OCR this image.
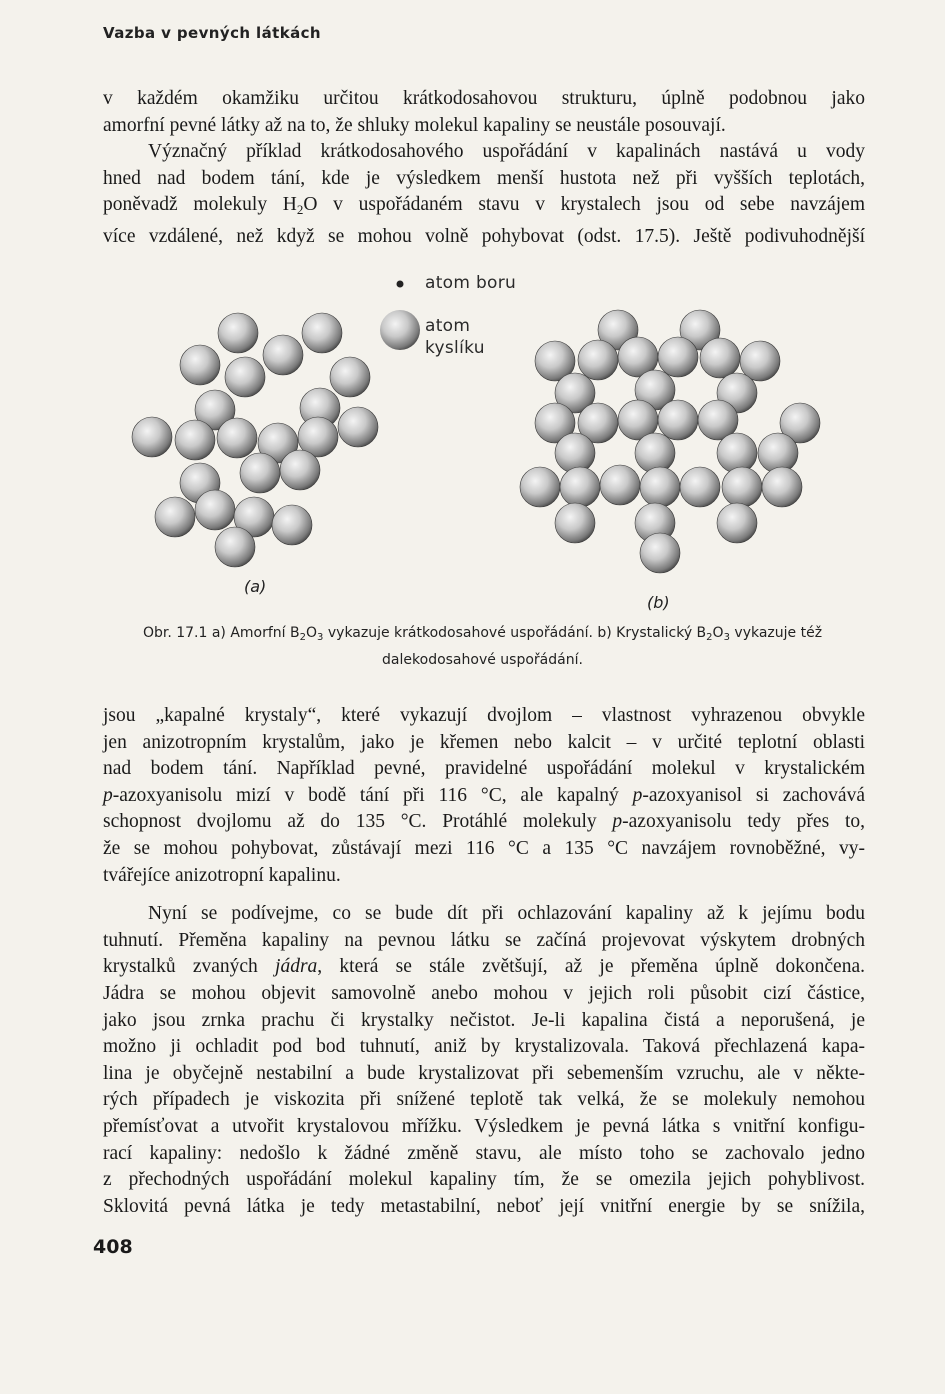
Vazba v pevných látkách

v každém okamžiku určitou krátkodosahovou strukturu, úplně podobnou jako
amorfní pevné látky až na to, že shluky molekul kapaliny se neustále posouvají.

Význačný příklad krátkodosahového uspořádání v kapalinách nastává u vody
hned nad bodem tání, kde je výsledkem menší hustota než při vyšších teplotách,
poněvadž molekuly $H_2O$ v uspořádaném stavu v krystalech jsou od sebe navzájem
více vzdálené, než když se mohou volně pohybovat (odst. 17.5). Ještě podivuhodnější

atom boru
atom
kyslíku
(a)
(b)
Obr. 17.1 a) Amorfní $B_2O_3$ vykazuje krátkodosahové uspořádání. b) Krystalický $B_2O_3$ vykazuje též
dalekodosahové uspořádání.

jsou „kapalné krystaly“, které vykazují dvojlom – vlastnost vyhrazenou obvykle
jen anizotropním krystalům, jako je křemen nebo kalcit – v určité teplotní oblasti
nad bodem tání. Například pevné, pravidelné uspořádání molekul v krystalickém
p-azoxyanisolu mizí v bodě tání při 116 °C, ale kapalný p-azoxyanisol si zachovává
schopnost dvojlomu až do 135 °C. Protáhlé molekuly p-azoxyanisolu tedy přes to,
že se mohou pohybovat, zůstávají mezi 116 °C a 135 °C navzájem rovnoběžné, vy-
tvářejíce anizotropní kapalinu.

Nyní se podívejme, co se bude dít při ochlazování kapaliny až k jejímu bodu
tuhnutí. Přeměna kapaliny na pevnou látku se začíná projevovat výskytem drobných
krystalků zvaných jádra, která se stále zvětšují, až je přeměna úplně dokončena.
Jádra se mohou objevit samovolně anebo mohou v jejich roli působit cizí částice,
jako jsou zrnka prachu či krystalky nečistot. Je-li kapalina čistá a neporušená, je
možno ji ochladit pod bod tuhnutí, aniž by krystalizovala. Taková přechlazená kapa-
lina je obyčejně nestabilní a bude krystalizovat při sebemenším vzruchu, ale v někte-
rých případech je viskozita při snížené teplotě tak velká, že se molekuly nemohou
přemísťovat a utvořit krystalovou mřížku. Výsledkem je pevná látka s vnitřní konfigu-
rací kapaliny: nedošlo k žádné změně stavu, ale místo toho se zachovalo jedno
z přechodných uspořádání molekul kapaliny tím, že se omezila jejich pohyblivost.
Sklovitá pevná látka je tedy metastabilní, neboť její vnitřní energie by se snížila,

408
